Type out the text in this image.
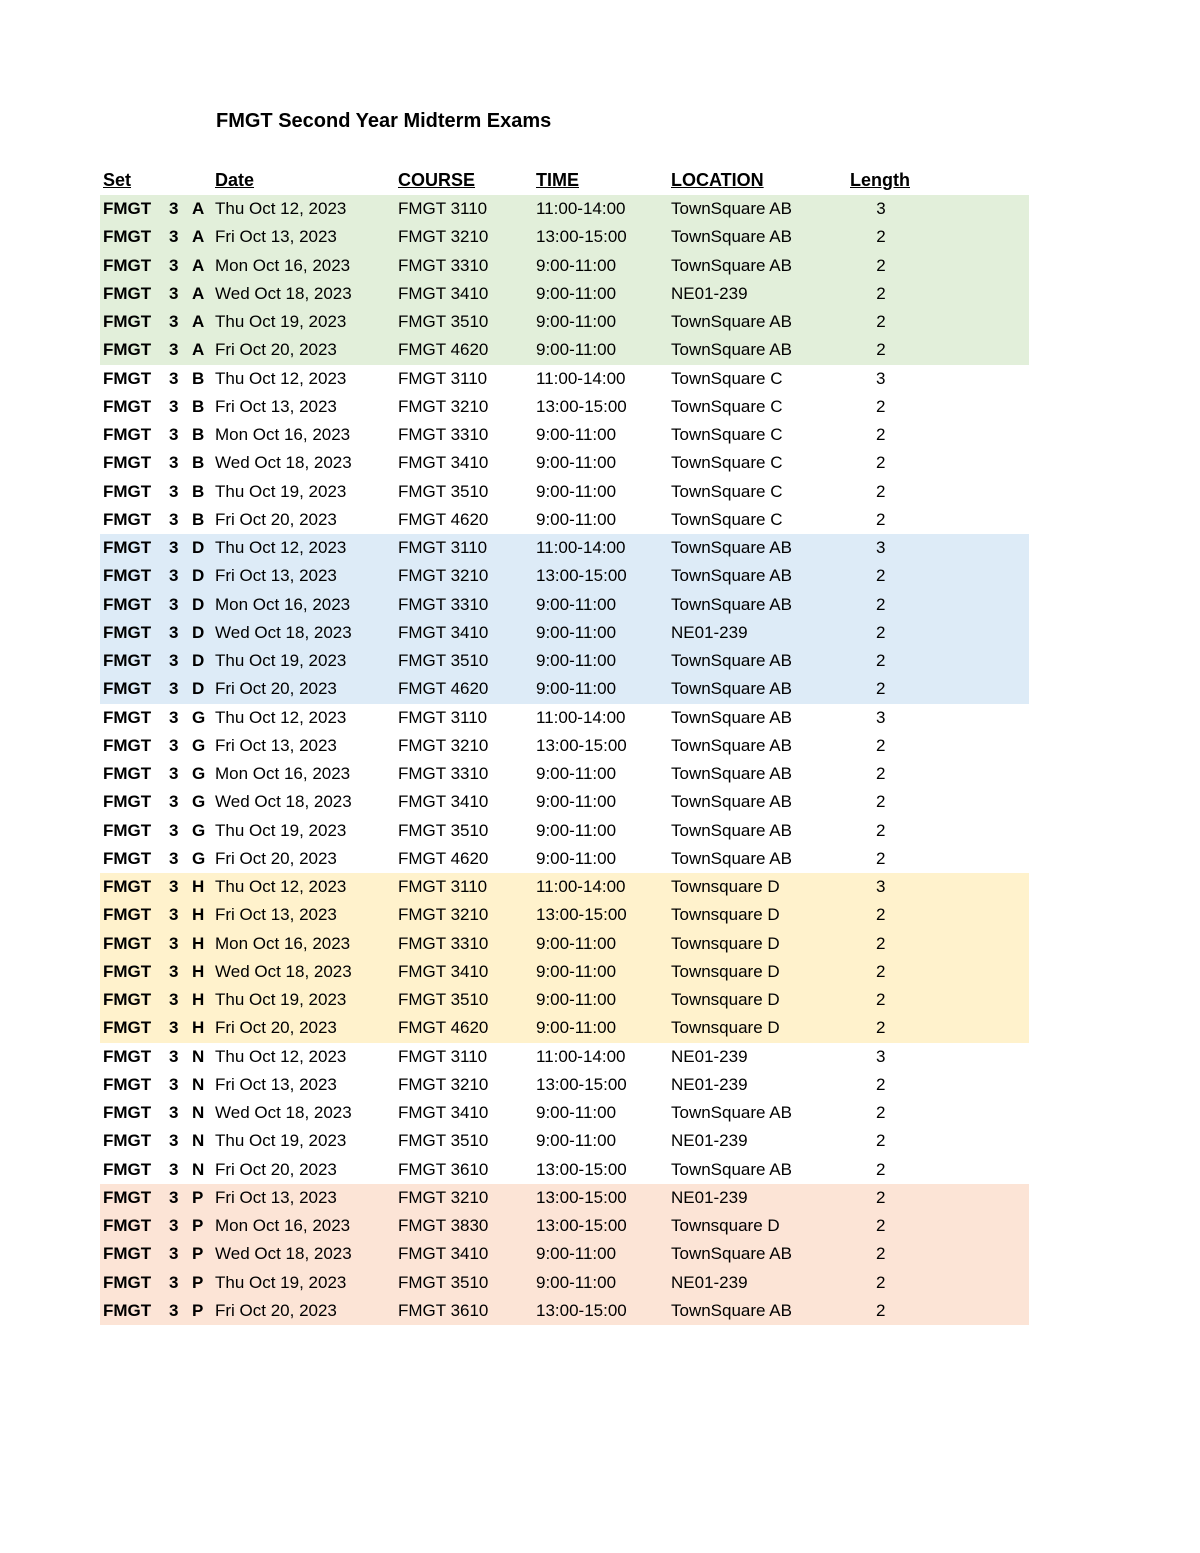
FMGT Second Year Midterm Exams
Set	Date	COURSE	TIME	LOCATION	Length
FMGT 3 A Thu Oct 12, 2023	FMGT 3110	11:00-14:00	TownSquare AB	3
FMGT 3 A Fri Oct 13, 2023	FMGT 3210	13:00-15:00	TownSquare AB	2
FMGT 3 A Mon Oct 16, 2023	FMGT 3310	9:00-11:00	TownSquare AB	2
FMGT 3 A Wed Oct 18, 2023	FMGT 3410	9:00-11:00	NE01-239	2
FMGT 3 A Thu Oct 19, 2023	FMGT 3510	9:00-11:00	TownSquare AB	2
FMGT 3 A Fri Oct 20, 2023	FMGT 4620	9:00-11:00	TownSquare AB	2
FMGT 3 B Thu Oct 12, 2023	FMGT 3110	11:00-14:00	TownSquare C	3
FMGT 3 B Fri Oct 13, 2023	FMGT 3210	13:00-15:00	TownSquare C	2
FMGT 3 B Mon Oct 16, 2023	FMGT 3310	9:00-11:00	TownSquare C	2
FMGT 3 B Wed Oct 18, 2023	FMGT 3410	9:00-11:00	TownSquare C	2
FMGT 3 B Thu Oct 19, 2023	FMGT 3510	9:00-11:00	TownSquare C	2
FMGT 3 B Fri Oct 20, 2023	FMGT 4620	9:00-11:00	TownSquare C	2
FMGT 3 D Thu Oct 12, 2023	FMGT 3110	11:00-14:00	TownSquare AB	3
FMGT 3 D Fri Oct 13, 2023	FMGT 3210	13:00-15:00	TownSquare AB	2
FMGT 3 D Mon Oct 16, 2023	FMGT 3310	9:00-11:00	TownSquare AB	2
FMGT 3 D Wed Oct 18, 2023	FMGT 3410	9:00-11:00	NE01-239	2
FMGT 3 D Thu Oct 19, 2023	FMGT 3510	9:00-11:00	TownSquare AB	2
FMGT 3 D Fri Oct 20, 2023	FMGT 4620	9:00-11:00	TownSquare AB	2
FMGT 3 G Thu Oct 12, 2023	FMGT 3110	11:00-14:00	TownSquare AB	3
FMGT 3 G Fri Oct 13, 2023	FMGT 3210	13:00-15:00	TownSquare AB	2
FMGT 3 G Mon Oct 16, 2023	FMGT 3310	9:00-11:00	TownSquare AB	2
FMGT 3 G Wed Oct 18, 2023	FMGT 3410	9:00-11:00	TownSquare AB	2
FMGT 3 G Thu Oct 19, 2023	FMGT 3510	9:00-11:00	TownSquare AB	2
FMGT 3 G Fri Oct 20, 2023	FMGT 4620	9:00-11:00	TownSquare AB	2
FMGT 3 H Thu Oct 12, 2023	FMGT 3110	11:00-14:00	Townsquare D	3
FMGT 3 H Fri Oct 13, 2023	FMGT 3210	13:00-15:00	Townsquare D	2
FMGT 3 H Mon Oct 16, 2023	FMGT 3310	9:00-11:00	Townsquare D	2
FMGT 3 H Wed Oct 18, 2023	FMGT 3410	9:00-11:00	Townsquare D	2
FMGT 3 H Thu Oct 19, 2023	FMGT 3510	9:00-11:00	Townsquare D	2
FMGT 3 H Fri Oct 20, 2023	FMGT 4620	9:00-11:00	Townsquare D	2
FMGT 3 N Thu Oct 12, 2023	FMGT 3110	11:00-14:00	NE01-239	3
FMGT 3 N Fri Oct 13, 2023	FMGT 3210	13:00-15:00	NE01-239	2
FMGT 3 N Wed Oct 18, 2023	FMGT 3410	9:00-11:00	TownSquare AB	2
FMGT 3 N Thu Oct 19, 2023	FMGT 3510	9:00-11:00	NE01-239	2
FMGT 3 N Fri Oct 20, 2023	FMGT 3610	13:00-15:00	TownSquare AB	2
FMGT 3 P Fri Oct 13, 2023	FMGT 3210	13:00-15:00	NE01-239	2
FMGT 3 P Mon Oct 16, 2023	FMGT 3830	13:00-15:00	Townsquare D	2
FMGT 3 P Wed Oct 18, 2023	FMGT 3410	9:00-11:00	TownSquare AB	2
FMGT 3 P Thu Oct 19, 2023	FMGT 3510	9:00-11:00	NE01-239	2
FMGT 3 P Fri Oct 20, 2023	FMGT 3610	13:00-15:00	TownSquare AB	2
